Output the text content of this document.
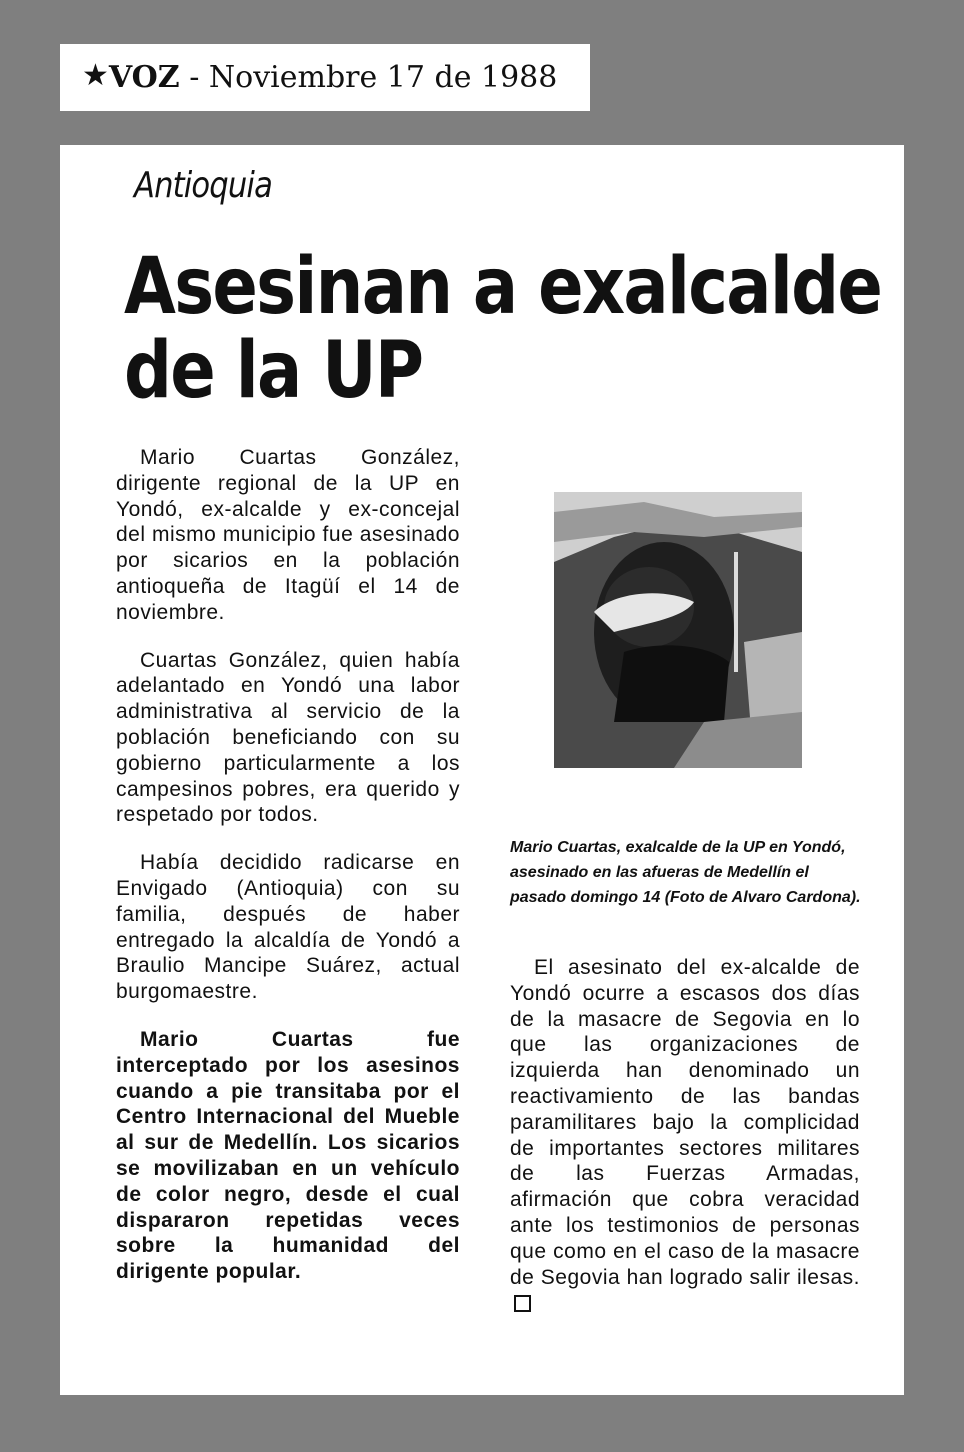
★VOZ - Noviembre 17 de 1988
Antioquia
Asesinan a exalcalde
de la UP

Mario Cuartas González, dirigente regional de la UP en Yondó, ex-alcalde y ex-concejal del mismo municipio fue asesinado por sicarios en la población antioqueña de Itagüí el 14 de noviembre.

Cuartas González, quien había adelantado en Yondó una labor administrativa al servicio de la población beneficiando con su gobierno particularmente a los campesinos pobres, era querido y respetado por todos.

Había decidido radicarse en Envigado (Antioquia) con su familia, después de haber entregado la alcaldía de Yondó a Braulio Mancipe Suárez, actual burgomaestre.

Mario Cuartas fue interceptado por los asesinos cuando a pie transitaba por el Centro Internacional del Mueble al sur de Medellín. Los sicarios se movilizaban en un vehículo de color negro, desde el cual dispararon repetidas veces sobre la humanidad del dirigente popular.

Mario Cuartas, exalcalde de la UP en Yondó, asesinado en las afueras de Medellín el pasado domingo 14 (Foto de Alvaro Cardona).

El asesinato del ex-alcalde de Yondó ocurre a escasos dos días de la masacre de Segovia en lo que las organizaciones de izquierda han denominado un reactivamiento de las bandas paramilitares bajo la complicidad de importantes sectores militares de las Fuerzas Armadas, afirmación que cobra veracidad ante los testimonios de personas que como en el caso de la masacre de Segovia han logrado salir ilesas.
